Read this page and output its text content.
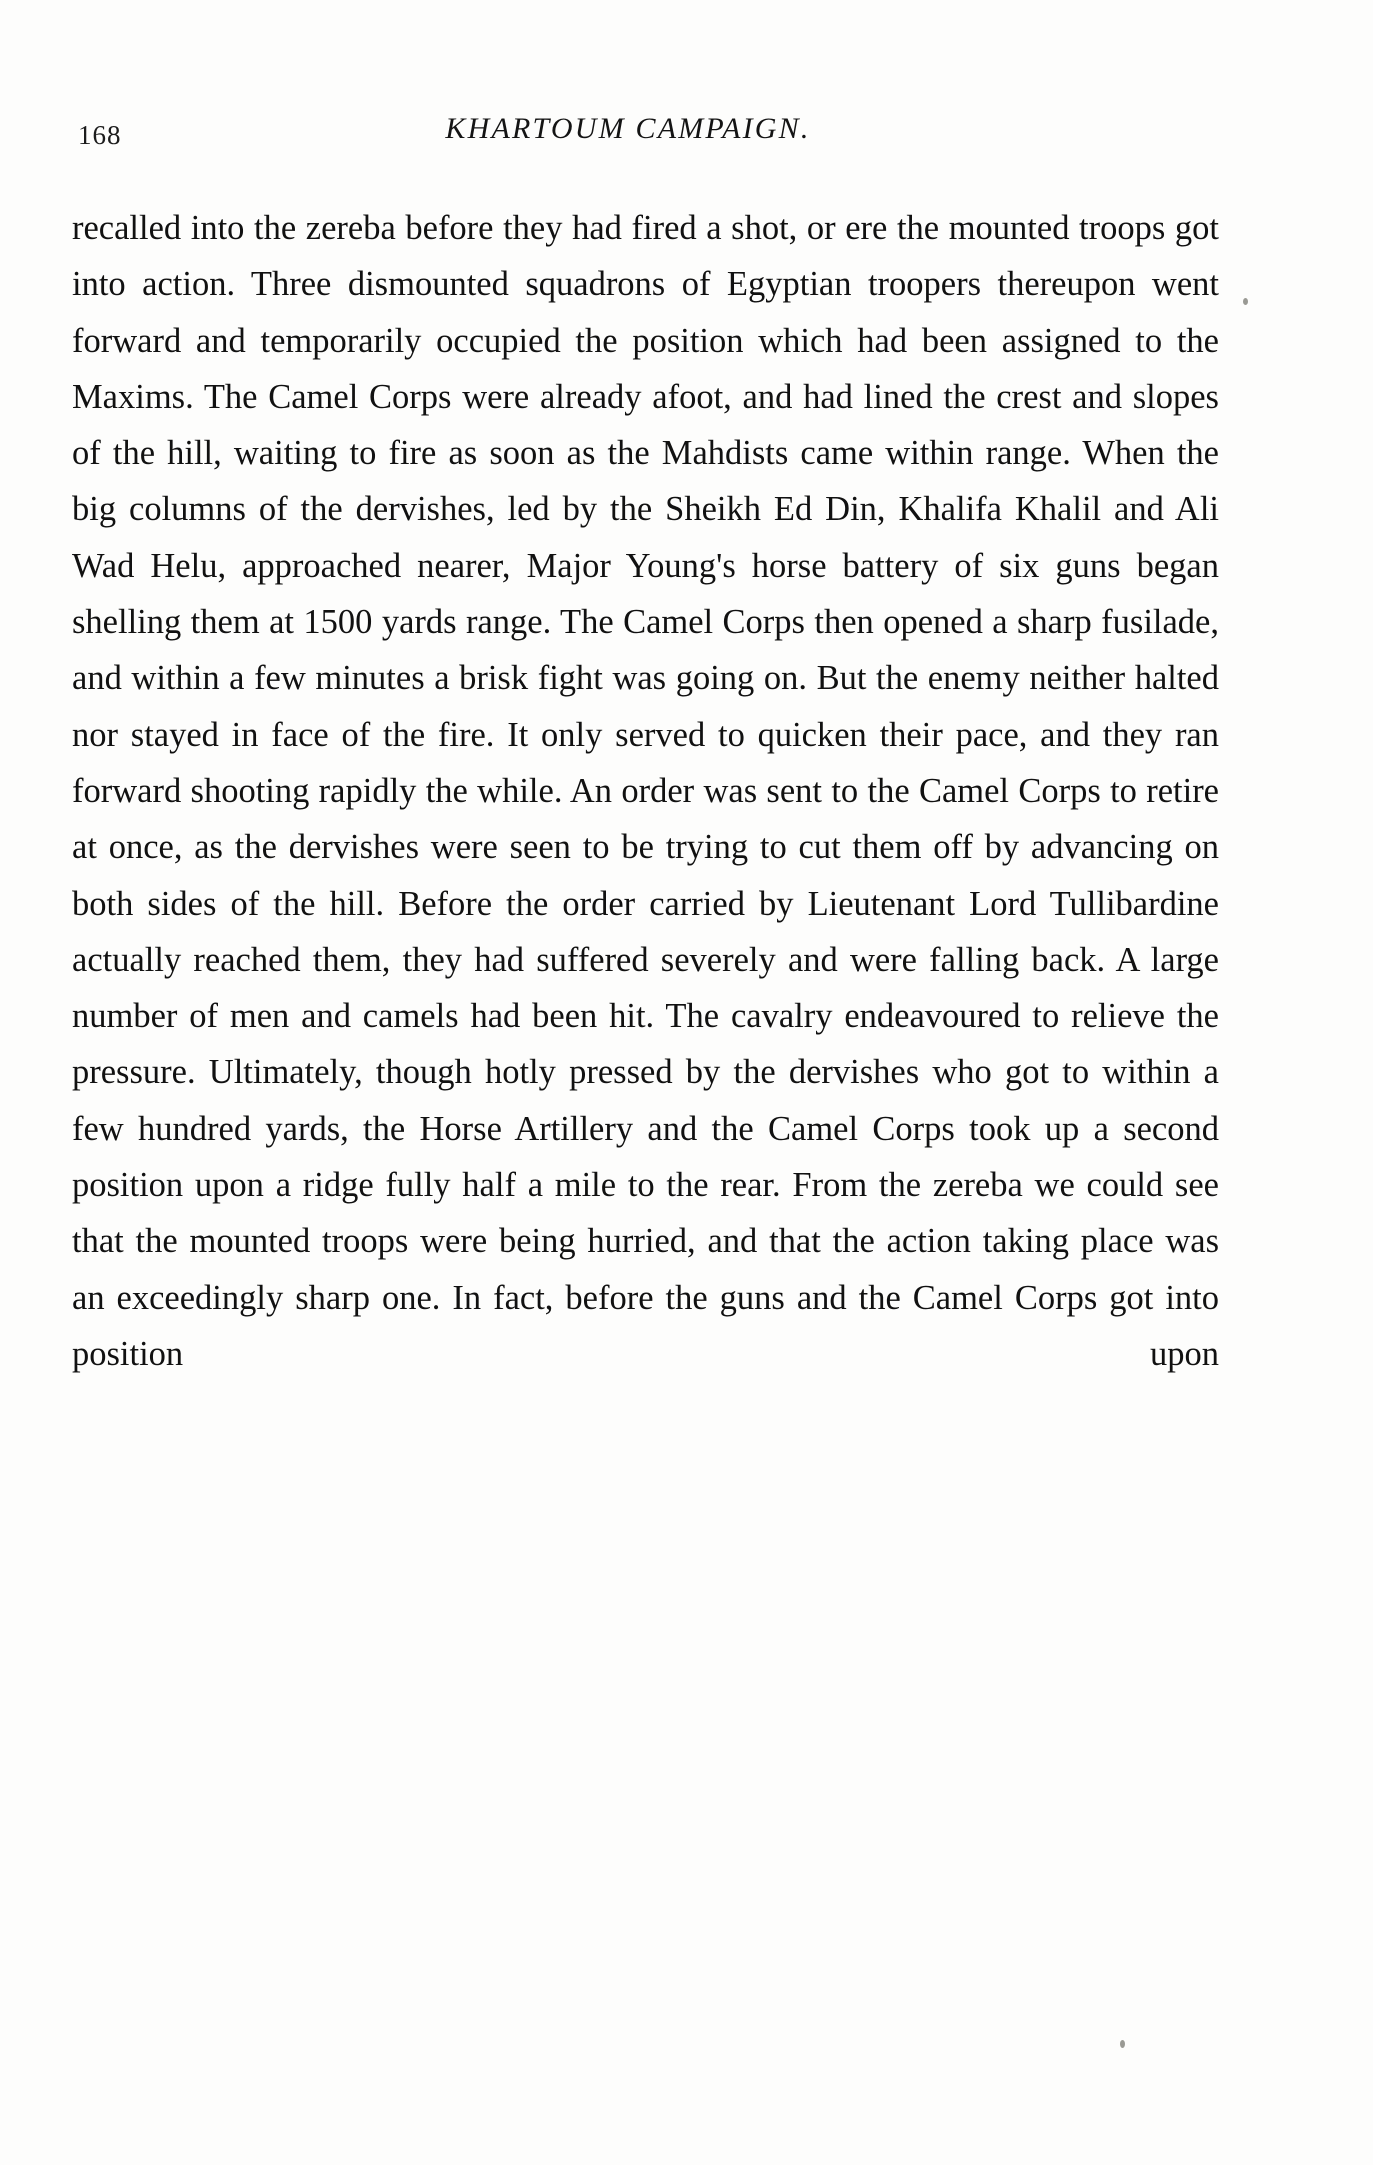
168	KHARTOUM CAMPAIGN.

recalled into the zereba before they had fired a shot, or ere the mounted troops got into action. Three dismounted squadrons of Egyptian troopers thereupon went forward and temporarily occupied the position which had been assigned to the Maxims. The Camel Corps were already afoot, and had lined the crest and slopes of the hill, waiting to fire as soon as the Mahdists came within range. When the big columns of the dervishes, led by the Sheikh Ed Din, Khalifa Khalil and Ali Wad Helu, approached nearer, Major Young's horse battery of six guns began shelling them at 1500 yards range. The Camel Corps then opened a sharp fusilade, and within a few minutes a brisk fight was going on. But the enemy neither halted nor stayed in face of the fire. It only served to quicken their pace, and they ran forward shooting rapidly the while. An order was sent to the Camel Corps to retire at once, as the dervishes were seen to be trying to cut them off by advancing on both sides of the hill. Before the order carried by Lieutenant Lord Tullibardine actually reached them, they had suffered severely and were falling back. A large number of men and camels had been hit. The cavalry endeavoured to relieve the pressure. Ultimately, though hotly pressed by the dervishes who got to within a few hundred yards, the Horse Artillery and the Camel Corps took up a second position upon a ridge fully half a mile to the rear. From the zereba we could see that the mounted troops were being hurried, and that the action taking place was an exceedingly sharp one. In fact, before the guns and the Camel Corps got into position upon
